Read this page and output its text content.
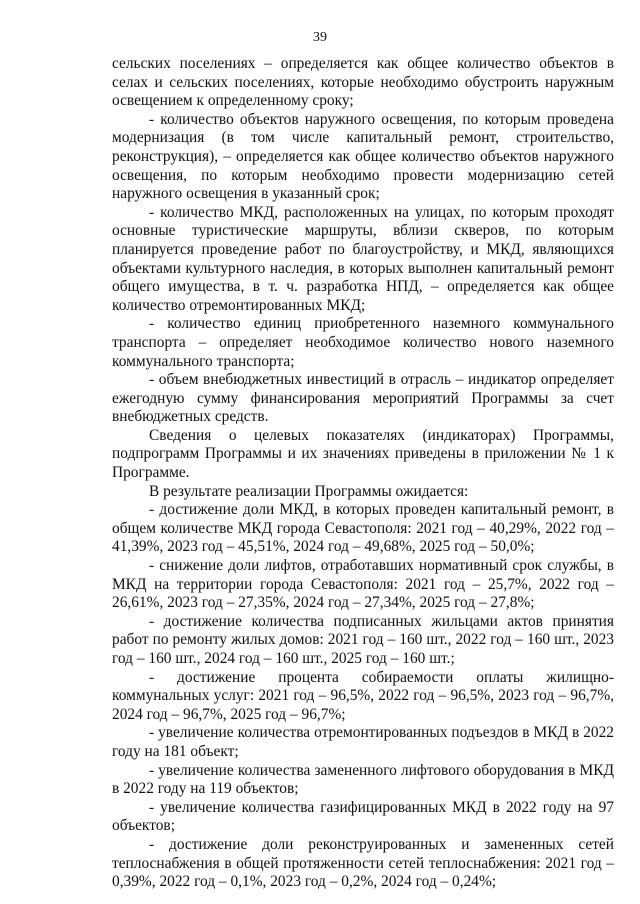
39

сельских поселениях – определяется как общее количество объектов в селах и сельских поселениях, которые необходимо обустроить наружным освещением к определенному сроку;

- количество объектов наружного освещения, по которым проведена модернизация (в том числе капитальный ремонт, строительство, реконструкция), – определяется как общее количество объектов наружного освещения, по которым необходимо провести модернизацию сетей наружного освещения в указанный срок;

- количество МКД, расположенных на улицах, по которым проходят основные туристические маршруты, вблизи скверов, по которым планируется проведение работ по благоустройству, и МКД, являющихся объектами культурного наследия, в которых выполнен капитальный ремонт общего имущества, в т. ч. разработка НПД, – определяется как общее количество отремонтированных МКД;

- количество единиц приобретенного наземного коммунального транспорта – определяет необходимое количество нового наземного коммунального транспорта;

- объем внебюджетных инвестиций в отрасль – индикатор определяет ежегодную сумму финансирования мероприятий Программы за счет внебюджетных средств.

Сведения о целевых показателях (индикаторах) Программы, подпрограмм Программы и их значениях приведены в приложении № 1 к Программе.

В результате реализации Программы ожидается:

- достижение доли МКД, в которых проведен капитальный ремонт, в общем количестве МКД города Севастополя: 2021 год – 40,29%, 2022 год – 41,39%, 2023 год – 45,51%, 2024 год – 49,68%, 2025 год – 50,0%;

- снижение доли лифтов, отработавших нормативный срок службы, в МКД на территории города Севастополя: 2021 год – 25,7%, 2022 год – 26,61%, 2023 год – 27,35%, 2024 год – 27,34%, 2025 год – 27,8%;

- достижение количества подписанных жильцами актов принятия работ по ремонту жилых домов: 2021 год – 160 шт., 2022 год – 160 шт., 2023 год – 160 шт., 2024 год – 160 шт., 2025 год – 160 шт.;

- достижение процента собираемости оплаты жилищно-коммунальных услуг: 2021 год – 96,5%, 2022 год – 96,5%, 2023 год – 96,7%, 2024 год – 96,7%, 2025 год – 96,7%;

- увеличение количества отремонтированных подъездов в МКД в 2022 году на 181 объект;

- увеличение количества замененного лифтового оборудования в МКД в 2022 году на 119 объектов;

- увеличение количества газифицированных МКД в 2022 году на 97 объектов;

- достижение доли реконструированных и замененных сетей теплоснабжения в общей протяженности сетей теплоснабжения: 2021 год – 0,39%, 2022 год – 0,1%, 2023 год – 0,2%, 2024 год – 0,24%;
